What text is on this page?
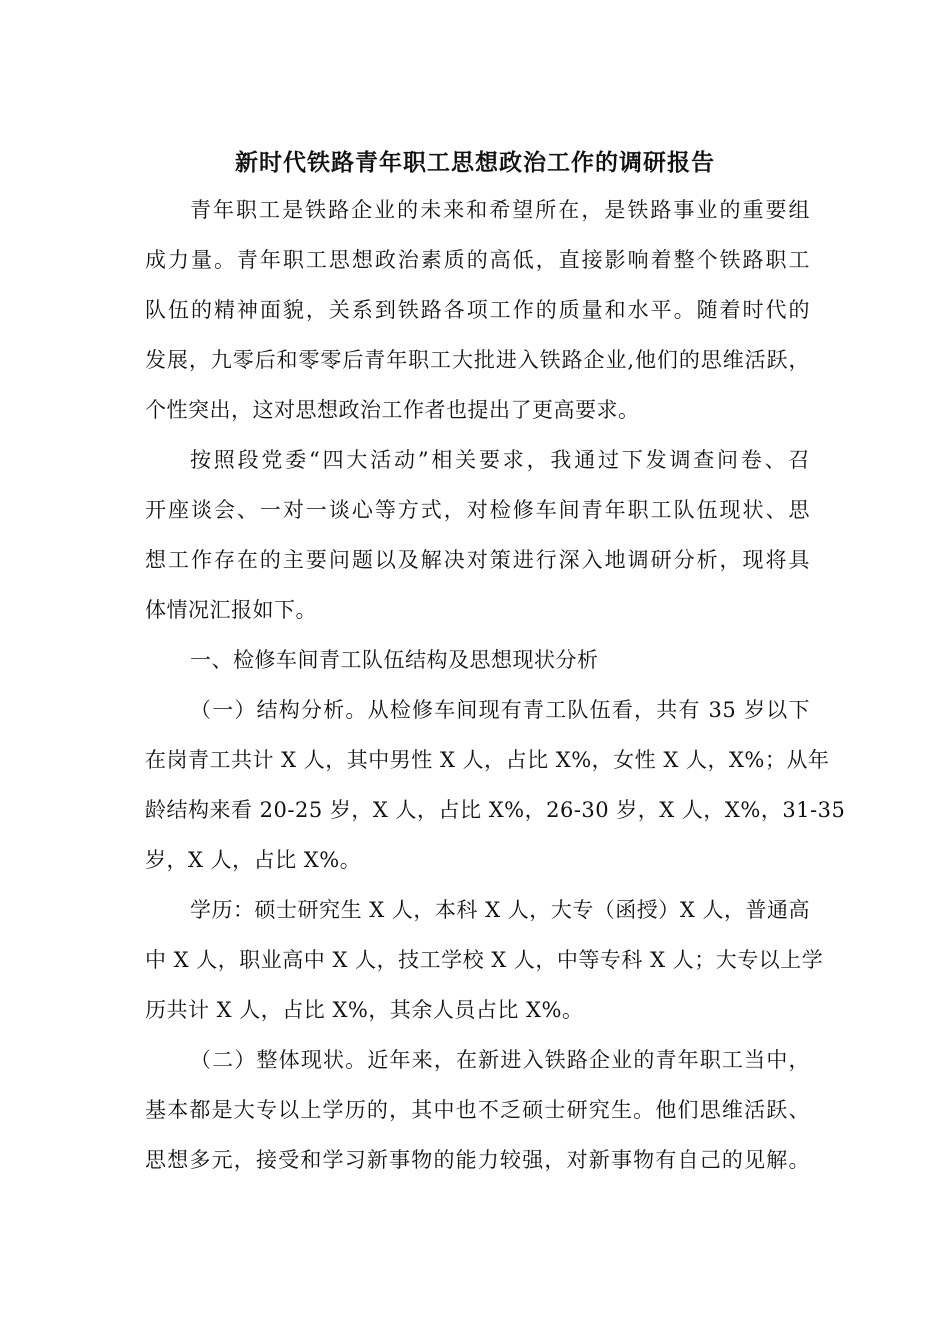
新时代铁路青年职工思想政治工作的调研报告
青年职工是铁路企业的未来和希望所在，是铁路事业的重要组
成力量。青年职工思想政治素质的高低，直接影响着整个铁路职工
队伍的精神面貌，关系到铁路各项工作的质量和水平。随着时代的
发展，九零后和零零后青年职工大批进入铁路企业,他们的思维活跃，
个性突出，这对思想政治工作者也提出了更高要求。
按照段党委“四大活动”相关要求，我通过下发调查问卷、召
开座谈会、一对一谈心等方式，对检修车间青年职工队伍现状、思
想工作存在的主要问题以及解决对策进行深入地调研分析，现将具
体情况汇报如下。
一、检修车间青工队伍结构及思想现状分析
（一）结构分析。从检修车间现有青工队伍看，共有 35 岁以下
在岗青工共计 X 人，其中男性 X 人，占比 X%，女性 X 人，X%；从年
龄结构来看 20-25 岁，X 人，占比 X%，26-30 岁，X 人，X%，31-35
岁，X 人，占比 X%。
学历：硕士研究生 X 人，本科 X 人，大专（函授）X 人，普通高
中 X 人，职业高中 X 人，技工学校 X 人，中等专科 X 人；大专以上学
历共计 X 人，占比 X%，其余人员占比 X%。
（二）整体现状。近年来，在新进入铁路企业的青年职工当中，
基本都是大专以上学历的，其中也不乏硕士研究生。他们思维活跃、
思想多元，接受和学习新事物的能力较强，对新事物有自己的见解。
